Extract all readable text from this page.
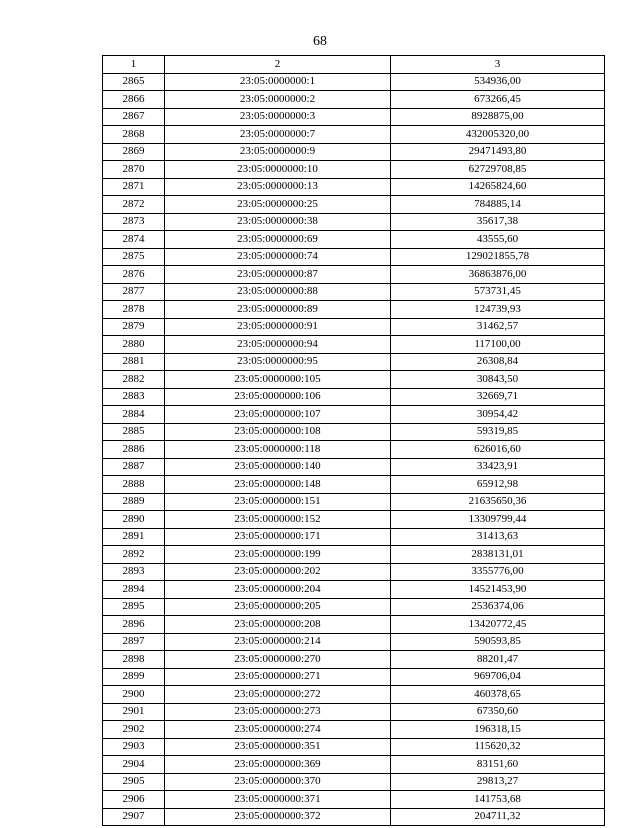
68
1	2	3
2865	23:05:0000000:1	534936,00
2866	23:05:0000000:2	673266,45
2867	23:05:0000000:3	8928875,00
2868	23:05:0000000:7	432005320,00
2869	23:05:0000000:9	29471493,80
2870	23:05:0000000:10	62729708,85
2871	23:05:0000000:13	14265824,60
2872	23:05:0000000:25	784885,14
2873	23:05:0000000:38	35617,38
2874	23:05:0000000:69	43555,60
2875	23:05:0000000:74	129021855,78
2876	23:05:0000000:87	36863876,00
2877	23:05:0000000:88	573731,45
2878	23:05:0000000:89	124739,93
2879	23:05:0000000:91	31462,57
2880	23:05:0000000:94	117100,00
2881	23:05:0000000:95	26308,84
2882	23:05:0000000:105	30843,50
2883	23:05:0000000:106	32669,71
2884	23:05:0000000:107	30954,42
2885	23:05:0000000:108	59319,85
2886	23:05:0000000:118	626016,60
2887	23:05:0000000:140	33423,91
2888	23:05:0000000:148	65912,98
2889	23:05:0000000:151	21635650,36
2890	23:05:0000000:152	13309799,44
2891	23:05:0000000:171	31413,63
2892	23:05:0000000:199	2838131,01
2893	23:05:0000000:202	3355776,00
2894	23:05:0000000:204	14521453,90
2895	23:05:0000000:205	2536374,06
2896	23:05:0000000:208	13420772,45
2897	23:05:0000000:214	590593,85
2898	23:05:0000000:270	88201,47
2899	23:05:0000000:271	969706,04
2900	23:05:0000000:272	460378,65
2901	23:05:0000000:273	67350,60
2902	23:05:0000000:274	196318,15
2903	23:05:0000000:351	115620,32
2904	23:05:0000000:369	83151,60
2905	23:05:0000000:370	29813,27
2906	23:05:0000000:371	141753,68
2907	23:05:0000000:372	204711,32
